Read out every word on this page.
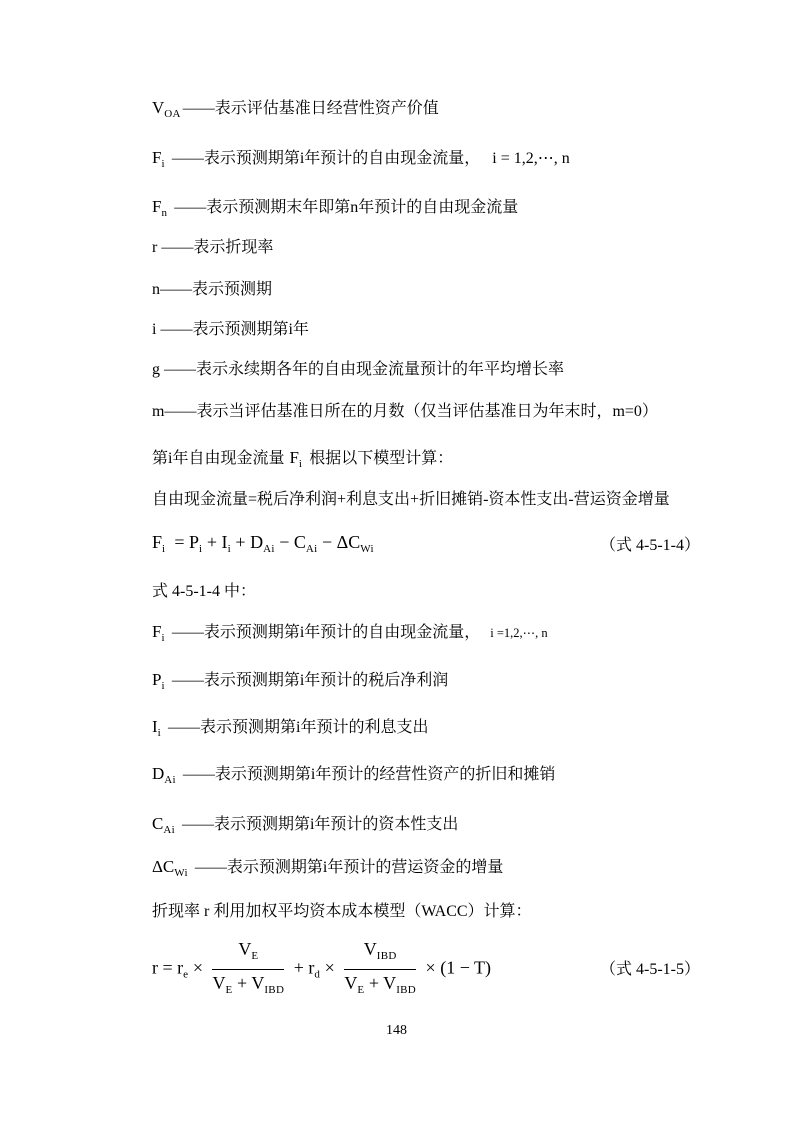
$V_{OA}$ ——表示评估基准日经营性资产价值
$F_i$ ——表示预测期第i年预计的自由现金流量， i = 1,2,⋯, n
$F_n$ ——表示预测期末年即第n年预计的自由现金流量
r ——表示折现率
n——表示预测期
i ——表示预测期第i年
g ——表示永续期各年的自由现金流量预计的年平均增长率
m——表示当评估基准日所在的月数（仅当评估基准日为年末时，m=0）
第i年自由现金流量 $F_i$ 根据以下模型计算：
自由现金流量=税后净利润+利息支出+折旧摊销-资本性支出-营运资金增量
$F_i = P_i + I_i + D_{Ai} - C_{Ai} - \Delta C_{Wi}$	（式 4-5-1-4）
式 4-5-1-4 中：
$F_i$ ——表示预测期第i年预计的自由现金流量， i =1,2,⋯, n
$P_i$ ——表示预测期第i年预计的税后净利润
$I_i$ ——表示预测期第i年预计的利息支出
$D_{Ai}$ ——表示预测期第i年预计的经营性资产的折旧和摊销
$C_{Ai}$ ——表示预测期第i年预计的资本性支出
$\Delta C_{Wi}$ ——表示预测期第i年预计的营运资金的增量
折现率 r 利用加权平均资本成本模型（WACC）计算：
$r = r_e \times \frac{V_E}{V_E + V_{IBD}} + r_d \times \frac{V_{IBD}}{V_E + V_{IBD}} \times (1 - T)$	（式 4-5-1-5）
148
